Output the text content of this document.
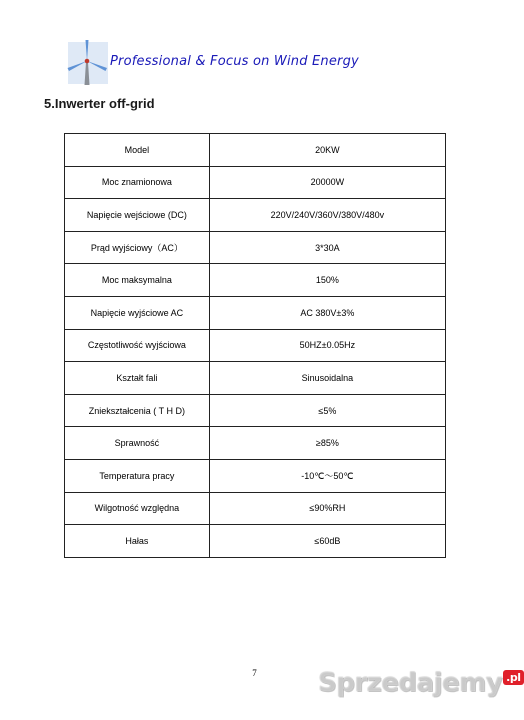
Professional & Focus on Wind Energy
5.Inwerter off-grid
Model	20KW
Moc znamionowa	20000W
Napięcie wejściowe (DC)	220V/240V/360V/380V/480v
Prąd wyjściowy（AC）	3*30A
Moc maksymalna	150%
Napięcie wyjściowe AC	AC 380V±3%
Częstotliwość wyjściowa	50HZ±0.05Hz
Kształt fali	Sinusoidalna
Zniekształcenia ( T H D)	≤5%
Sprawność	≥85%
Temperatura pracy	-10℃～50℃
Wilgotność względna	≤90%RH
Hałas	≤60dB
7	Sprzedajemy .pl
